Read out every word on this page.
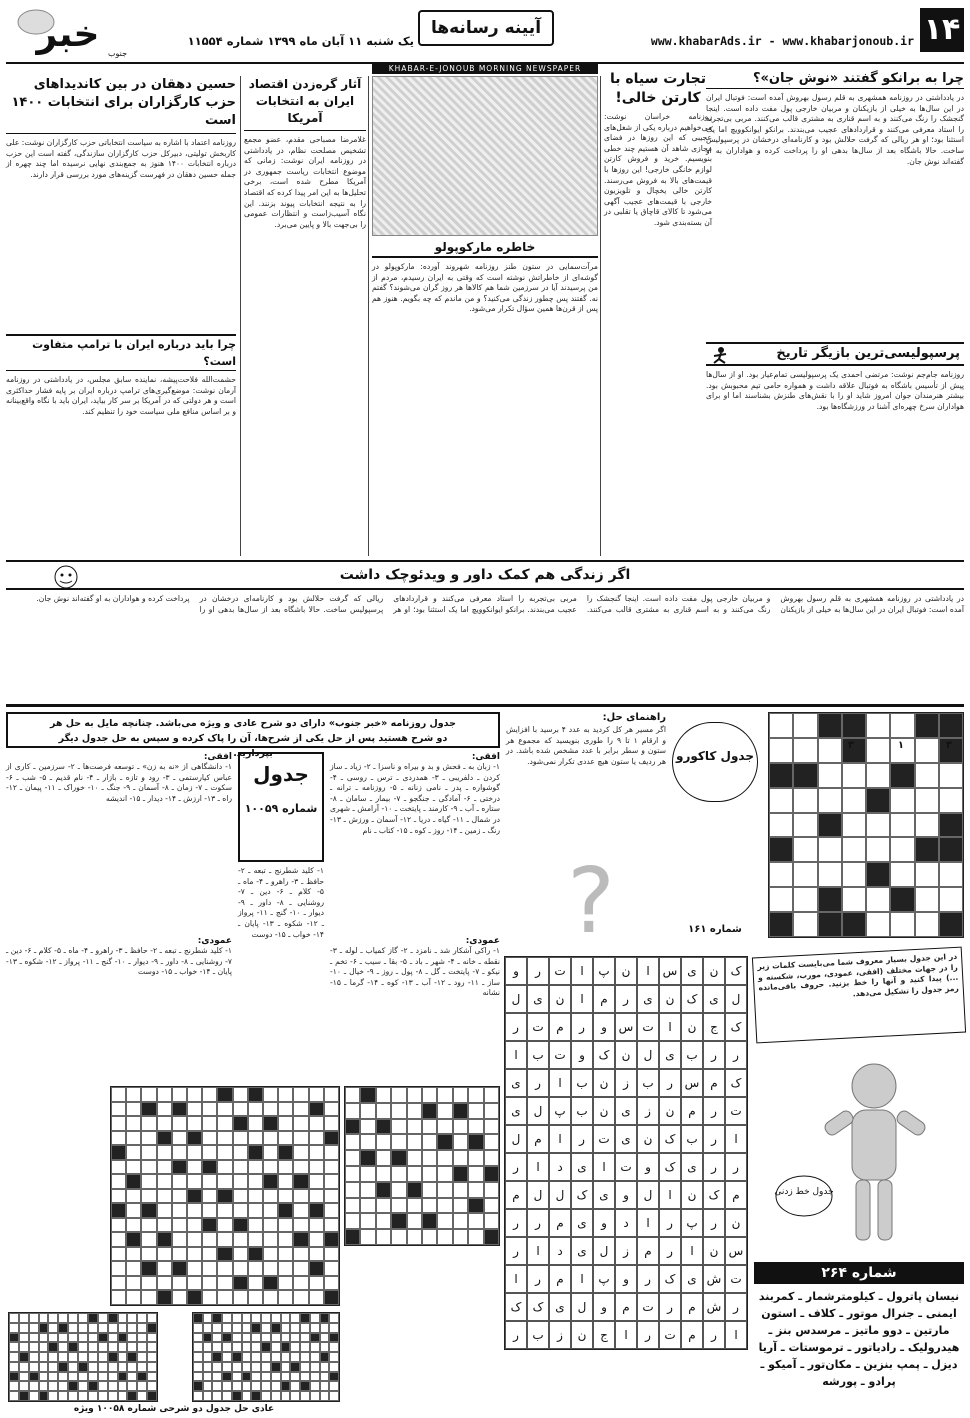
۱۴
www.khabarAds.ir - www.khabarjonoub.ir
آیینه رسانه‌ها
یک شنبه ۱۱ آبان ماه ۱۳۹۹ شماره ۱۱۵۵۴
خبر جنوب
KHABAR-E-JONOUB MORNING NEWSPAPER
چرا به برانکو گفتند «نوش جان»؟
در یادداشتی در روزنامه همشهری به قلم رسول بهروش آمده است: فوتبال ایران در این سال‌ها به خیلی از بازیکنان و مربیان خارجی پول مفت داده است. اینجا گنجشک را رنگ می‌کنند و به اسم قناری به مشتری قالب می‌کنند. مربی بی‌تجربه را استاد معرفی می‌کنند و قراردادهای عجیب می‌بندند. برانکو ایوانکوویچ اما یک استثنا بود؛ او هر ریالی که گرفت حلالش بود و کارنامه‌ای درخشان در پرسپولیس ساخت. حالا باشگاه بعد از سال‌ها بدهی او را پرداخت کرده و هواداران به او گفته‌اند نوش جان.
پرسپولیسی‌ترین بازیگر تاریخ
روزنامه جام‌جم نوشت: مرتضی احمدی یک پرسپولیسی تمام‌عیار بود. او از سال‌ها پیش از تأسیس باشگاه به فوتبال علاقه داشت و همواره حامی تیم محبوبش بود. بیشتر هنرمندان جوان امروز شاید او را با نقش‌های طنزش بشناسند اما او برای هواداران سرخ چهره‌ای آشنا در ورزشگاه‌ها بود.
تجارت سیاه با کارتن خالی!
روزنامه خراسان نوشت: می‌خواهیم درباره یکی از شغل‌های عجیبی که این روزها در فضای مجازی شاهد آن هستیم چند خطی بنویسیم. خرید و فروش کارتن لوازم خانگی خارجی! این روزها با قیمت‌های بالا به فروش می‌رسند. کارتن خالی یخچال و تلویزیون خارجی با قیمت‌های عجیب آگهی می‌شود تا کالای قاچاق یا تقلبی در آن بسته‌بندی شود.
خاطره مارکوپولو
مرآت‌سمایی در ستون طنز روزنامه شهروند آورده: مارکوپولو در گوشه‌ای از خاطراتش نوشته است که وقتی به ایران رسیدم، مردم از من پرسیدند آیا در سرزمین شما هم کالاها هر روز گران می‌شوند؟ گفتم نه. گفتند پس چطور زندگی می‌کنید؟ و من ماندم که چه بگویم. هنوز هم پس از قرن‌ها همین سؤال تکرار می‌شود.
آثار گره‌زدن اقتصاد ایران به انتخابات آمریکا
غلامرضا مصباحی مقدم، عضو مجمع تشخیص مصلحت نظام، در یادداشتی در روزنامه ایران نوشت: زمانی که موضوع انتخابات ریاست جمهوری در آمریکا مطرح شده است، برخی تحلیل‌ها به این امر پیدا کرده که اقتصاد را به نتیجه انتخابات پیوند بزنند. این نگاه آسیب‌زاست و انتظارات عمومی را بی‌جهت بالا و پایین می‌برد.
حسین دهقان در بین کاندیداهای حزب کارگزاران برای انتخابات ۱۴۰۰ است
روزنامه اعتماد با اشاره به سیاست انتخاباتی حزب کارگزاران نوشت: علی کاربخش تولیتی، دبیرکل حزب کارگزاران سازندگی، گفته است این حزب درباره انتخابات ۱۴۰۰ هنوز به جمع‌بندی نهایی نرسیده اما چند چهره از جمله حسین دهقان در فهرست گزینه‌های مورد بررسی قرار دارند.
چرا باید درباره ایران با ترامپ متفاوت است؟
حشمت‌الله فلاحت‌پیشه، نماینده سابق مجلس، در یادداشتی در روزنامه آرمان نوشت: موضع‌گیری‌های ترامپ درباره ایران بر پایه فشار حداکثری است و هر دولتی که در آمریکا بر سر کار بیاید، ایران باید با نگاه واقع‌بینانه و بر اساس منافع ملی سیاست خود را تنظیم کند.
اگر زندگی هم کمک داور و ویدئوچک داشت
در یادداشتی در روزنامه همشهری به قلم رسول بهروش آمده است: فوتبال ایران در این سال‌ها به خیلی از بازیکنان و مربیان خارجی پول مفت داده است. اینجا گنجشک را رنگ می‌کنند و به اسم قناری به مشتری قالب می‌کنند. مربی بی‌تجربه را استاد معرفی می‌کنند و قراردادهای عجیب می‌بندند. برانکو ایوانکوویچ اما یک استثنا بود؛ او هر ریالی که گرفت حلالش بود و کارنامه‌ای درخشان در پرسپولیس ساخت. حالا باشگاه بعد از سال‌ها بدهی او را پرداخت کرده و هواداران به او گفته‌اند نوش جان.
۳
۱
۳
جدول کاکورو
شماره ۱۶۱
راهنمای حل:
اگر مسیر هر کل کردید به عدد ۴ برسید با افزایش و ارقام ۱ تا ۹ را طوری بنویسید که مجموع هر ستون و سطر برابر با عدد مشخص شده باشد. در هر ردیف یا ستون هیچ عددی تکرار نمی‌شود.
?
جدول روزنامه «خبر جنوب» دارای دو شرح عادی و ویژه می‌باشد. چنانچه مایل به حل هر دو شرح هستید پس از حل یکی از شرح‌ها، آن را پاک کرده و سپس به حل جدول دیگر بپردازید.	افقی:
۱- زبان به ـ فحش و بد و بیراه و ناسزا ـ ۲- زیاد ـ ساز کردن ـ دلفریبی ـ ۳- همدردی ـ ترس ـ روسی ـ ۴- گوشواره ـ پدر ـ نامی زنانه ـ ۵- روزنامه ـ ترانه ـ درختی ـ ۶- آمادگی ـ جنگجو ـ ۷- بیمار ـ سامان ـ ۸- ستاره ـ آب ـ ۹- کارمند ـ پایتخت ـ ۱۰- آرامش ـ شهری در شمال ـ ۱۱- گیاه ـ دریا ـ ۱۲- آسمان ـ ورزش ـ ۱۳- رنگ ـ زمین ـ ۱۴- روز ـ کوه ـ ۱۵- کتاب ـ نام
عمودی:
۱- راکی آشکار شد ـ نامزد ـ ۲- گاز کمیاب ـ لوله ـ ۳- نقطه ـ خانه ـ ۴- شهر ـ باد ـ ۵- بقا ـ سیب ـ ۶- تخم ـ نیکو ـ ۷- پایتخت ـ گل ـ ۸- پول ـ روز ـ ۹- خیال ـ ۱۰- ساز ـ ۱۱- رود ـ ۱۲- آب ـ ۱۳- کوه ـ ۱۴- گرما ـ ۱۵- نشانه
جدول
شماره ۱۰۰۵۹
۱- کلید شطرنج ـ تبعه ـ ۲- حافظ ـ ۳- راهرو ـ ۴- ماه ـ ۵- کلام ـ ۶- دین ـ ۷- روشنایی ـ ۸- داور ـ ۹- دیوار ـ ۱۰- گنج ـ ۱۱- پرواز ـ ۱۲- شکوه ـ ۱۳- پایان ـ ۱۴- خواب ـ ۱۵- دوست
افقی:
۱- دانشگاهی از «نه به زن» ـ توسعه فرصت‌ها ـ ۲- سرزمین ـ کاری از عباس کیارستمی ـ ۳- رود و تازه ـ بازار ـ ۴- نام قدیم ـ ۵- شب ـ ۶- سکوت ـ ۷- زمان ـ ۸- آسمان ـ ۹- جنگ ـ ۱۰- خوراک ـ ۱۱- پیمان ـ ۱۲- راه ـ ۱۳- ارزش ـ ۱۴- دیدار ـ ۱۵- اندیشه
عمودی:
۱- کلید شطرنج ـ تبعه ـ ۲- حافظ ـ ۳- راهرو ـ ۴- ماه ـ ۵- کلام ـ ۶- دین ـ ۷- روشنایی ـ ۸- داور ـ ۹- دیوار ـ ۱۰- گنج ـ ۱۱- پرواز ـ ۱۲- شکوه ـ ۱۳- پایان ـ ۱۴- خواب ـ ۱۵- دوست
عادی حل جدول دو شرحی شماره ۱۰۰۵۸ ویژه
ک
ن
ی
س
ا
ن
پ
ا
ت
ر
و
ل
ی
ک
ن
ی
ر
م
ا
ن
ی
ل
ک
ج
ن
ا
ت
س
و
ر
م
ت
ر
ر
ر
ب
ی
ل
ن
ک
و
ت
ب
ا
ک
م
س
ر
ب
ز
ن
ب
ا
ر
ی
ت
ر
م
ن
ز
ی
ن
ب
پ
ل
ی
ا
ر
ب
ک
ن
ی
ت
ر
ا
م
ل
ر
ر
ی
ک
و
ت
ا
ی
د
ا
ر
م
ک
ن
ا
ل
و
ی
ک
ل
ل
م
ن
ر
پ
ر
ا
د
و
ی
م
ر
ر
س
ن
ا
ر
م
ز
ل
ی
د
ا
ر
ت
ش
ی
ک
ر
و
پ
ا
م
ر
ا
ر
ش
م
ر
ت
م
و
ل
ی
ک
ک
ا
ر
م
ت
ر
ا
ج
ن
ز
ب
ر
در این جدول بسیار معروف شما می‌بایست کلمات زیر را در جهات مختلف (افقی، عمودی، مورب، شکسته و ...) پیدا کنید و آنها را خط بزنید. حروف باقی‌مانده رمز جدول را تشکیل می‌دهد.
جدول خط زدنی
شماره ۲۶۴
نیسان پاترول ـ کیلومترشمار ـ کمربند ایمنی ـ جنرال موتور ـ کلاف ـ استون مارتین ـ دوو ماتیز ـ مرسدس بنز ـ هیدرولیک ـ رادیاتور ـ ترموستات ـ آریا دیزل ـ پمپ بنزین ـ مکان‌تور ـ آمیکو ـ پرادو ـ پورشه
